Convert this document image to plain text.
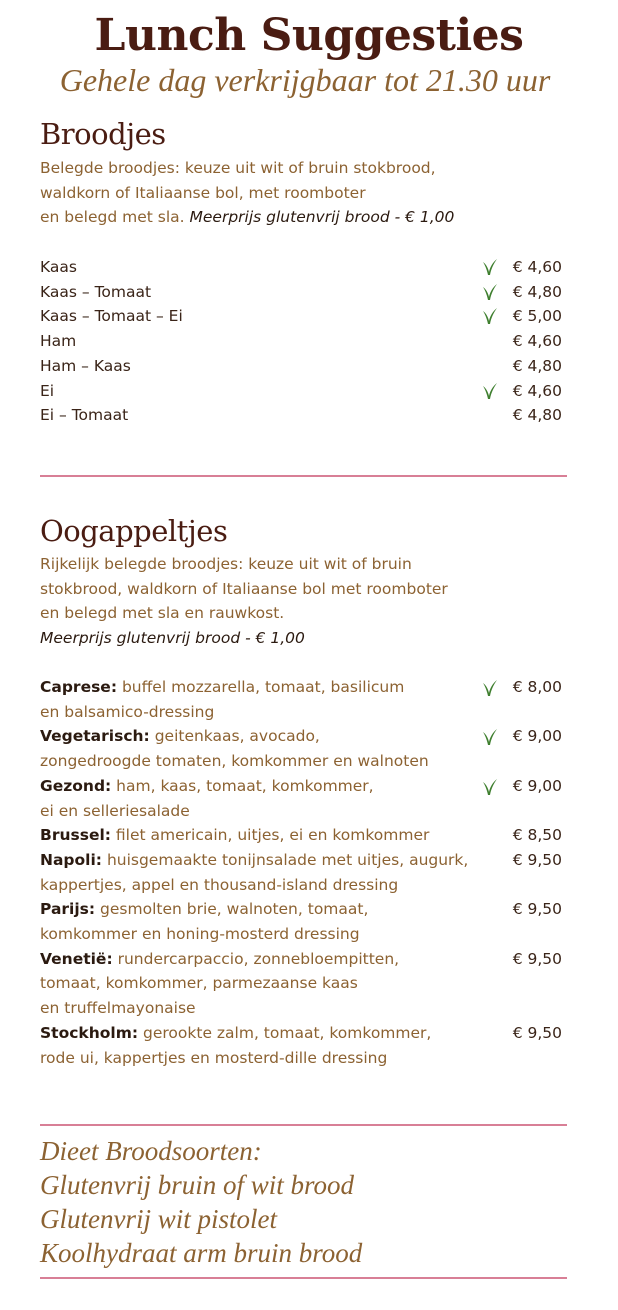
Lunch Suggesties
Gehele dag verkrijgbaar tot 21.30 uur
Broodjes
Belegde broodjes: keuze uit wit of bruin stokbrood,
waldkorn of Italiaanse bol, met roomboter
en belegd met sla. Meerprijs glutenvrij brood - € 1,00
Kaas	€ 4,60
Kaas – Tomaat	€ 4,80
Kaas – Tomaat – Ei	€ 5,00
Ham	€ 4,60
Ham – Kaas	€ 4,80
Ei	€ 4,60
Ei – Tomaat	€ 4,80
Oogappeltjes
Rijkelijk belegde broodjes: keuze uit wit of bruin
stokbrood, waldkorn of Italiaanse bol met roomboter
en belegd met sla en rauwkost.
Meerprijs glutenvrij brood - € 1,00
Caprese: buffel mozzarella, tomaat, basilicum
en balsamico-dressing
€ 8,00
Vegetarisch: geitenkaas, avocado,
zongedroogde tomaten, komkommer en walnoten
€ 9,00
Gezond: ham, kaas, tomaat, komkommer,
ei en selleriesalade
€ 9,00
Brussel: filet americain, uitjes, ei en komkommer	€ 8,50
Napoli: huisgemaakte tonijnsalade met uitjes, augurk,
kappertjes, appel en thousand-island dressing
€ 9,50
Parijs: gesmolten brie, walnoten, tomaat,
komkommer en honing-mosterd dressing
€ 9,50
Venetië: rundercarpaccio, zonnebloempitten,
tomaat, komkommer, parmezaanse kaas
en truffelmayonaise
€ 9,50
Stockholm: gerookte zalm, tomaat, komkommer,
rode ui, kappertjes en mosterd-dille dressing
€ 9,50
Dieet Broodsoorten:
Glutenvrij bruin of wit brood
Glutenvrij wit pistolet
Koolhydraat arm bruin brood
